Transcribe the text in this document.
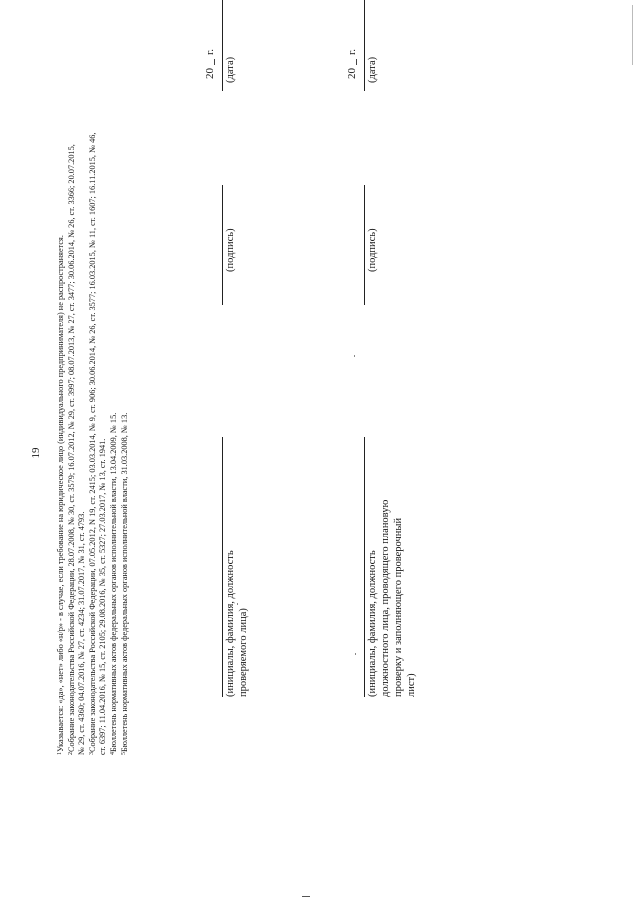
19
$^1$Указывается: «да», «нет» либо «н/р» - в случае, если требование на юридическое лицо (индивидуального предпринимателя) не распространяется.
$^2$Собрание законодательства Российской Федерации, 28.07.2008, № 30, ст. 3579; 16.07.2012, № 29, ст. 3997; 08.07.2013, № 27, ст. 3477; 30.06.2014, № 26, ст. 3366; 20.07.2015, № 29, ст. 4360; 04.07.2016, № 27, ст. 4234; 31.07.2017, № 31, ст. 4793. $^3$Собрание законодательства Российской Федерации, 07.05.2012, N 19, ст. 2415; 03.03.2014, № 9, ст. 906; 30.06.2014, № 26, ст. 3577; 16.03.2015, № 11, ст. 1607; 16.11.2015, № 46, ст. 6397; 11.04.2016, № 15, ст. 2105; 29.08.2016, № 35, ст. 5327; 27.03.2017, № 13, ст. 1941. $^4$Бюллетень нормативных актов федеральных органов исполнительной власти, 13.04.2009, № 15.
$^5$Бюллетень нормативных актов федеральных органов исполнительной власти, 31.03.2008, № 13.	(инициалы, фамилия, должность проверяемого лица)
(подпись)
(дата)
20
г.
(инициалы, фамилия, должность должностного лица, проводящего плановую проверку и заполняющего проверочный лист)
(подпись)
(дата)
20
г.
